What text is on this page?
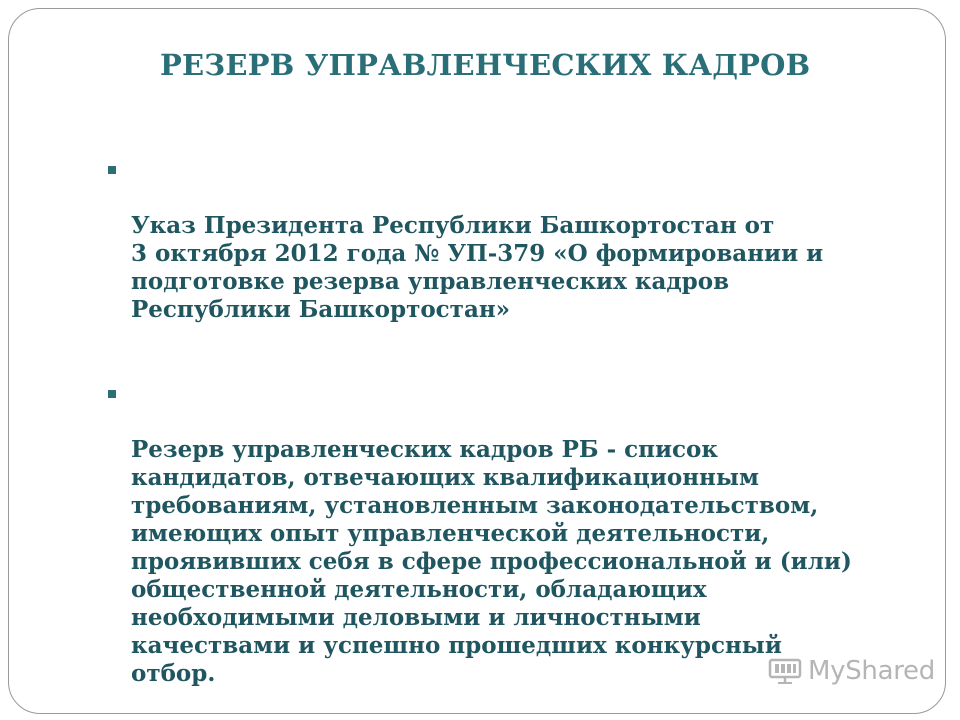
РЕЗЕРВ УПРАВЛЕНЧЕСКИХ КАДРОВ

Указ Президента Республики Башкортостан от
3 октября 2012 года № УП-379 «О формировании и
подготовке резерва управленческих кадров
Республики Башкортостан»

Резерв управленческих кадров РБ - список
кандидатов, отвечающих квалификационным
требованиям, установленным законодательством,
имеющих опыт управленческой деятельности,
проявивших себя в сфере профессиональной и (или)
общественной деятельности, обладающих
необходимыми деловыми и личностными
качествами и успешно прошедших конкурсный
отбор.	MyShared
